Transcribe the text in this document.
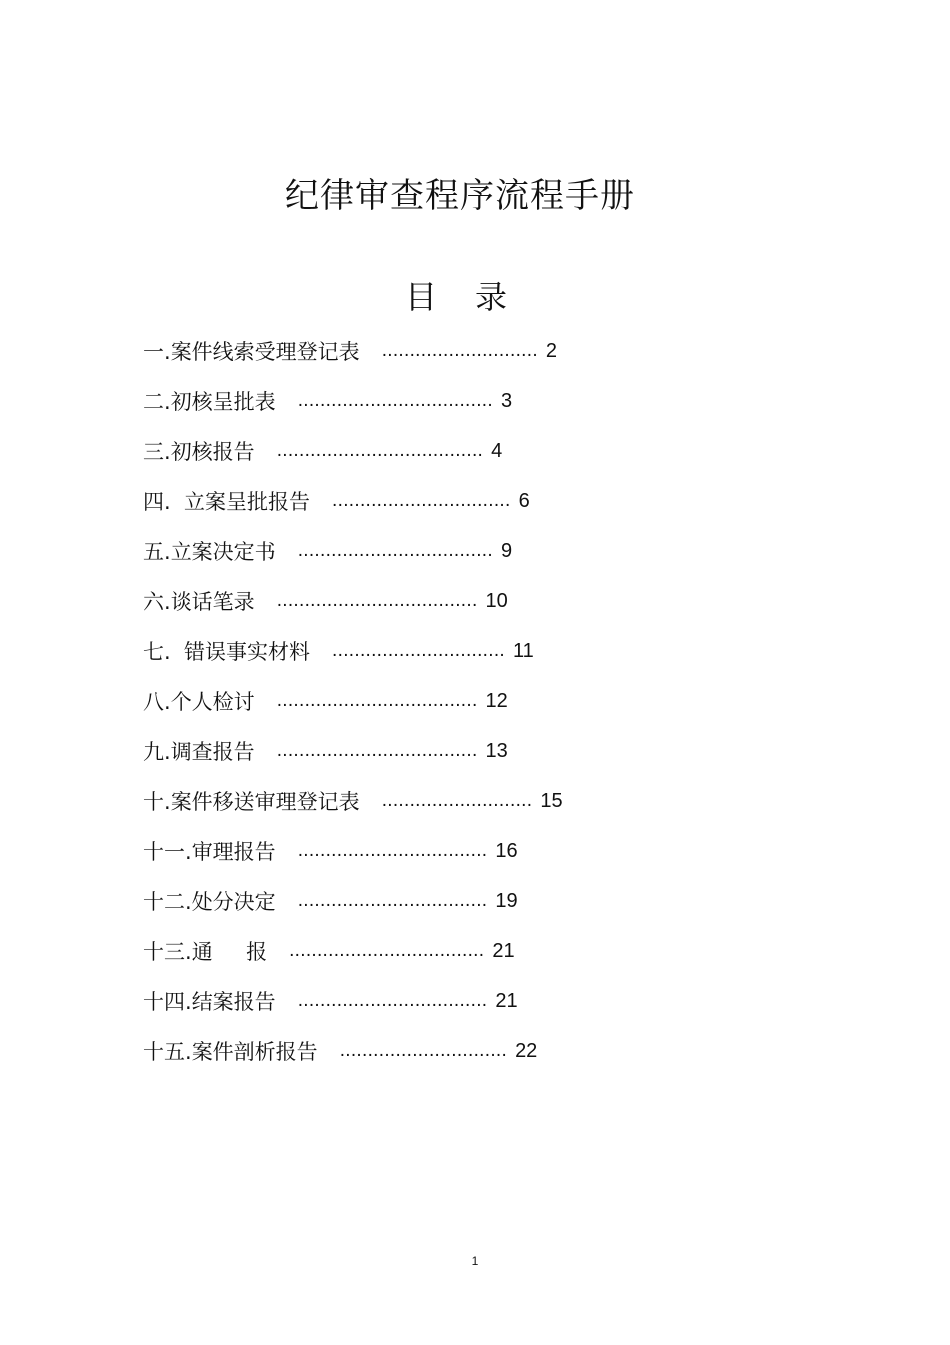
纪律审查程序流程手册
目录
一. 案件线索受理登记表 ............................ 2
二. 初核呈批表 ................................... 3
三. 初核报告 ..................................... 4
四. 立案呈批报告 ................................ 6
五. 立案决定书 ................................... 9
六. 谈话笔录 .................................... 10
七. 错误事实材料 ............................... 11
八. 个人检讨 .................................... 12
九. 调查报告 .................................... 13
十. 案件移送审理登记表 ........................... 15
十一. 审理报告 .................................. 16
十二. 处分决定 .................................. 19
十三. 通     报 ................................... 21
十四. 结案报告 .................................. 21
十五. 案件剖析报告 .............................. 22
1
